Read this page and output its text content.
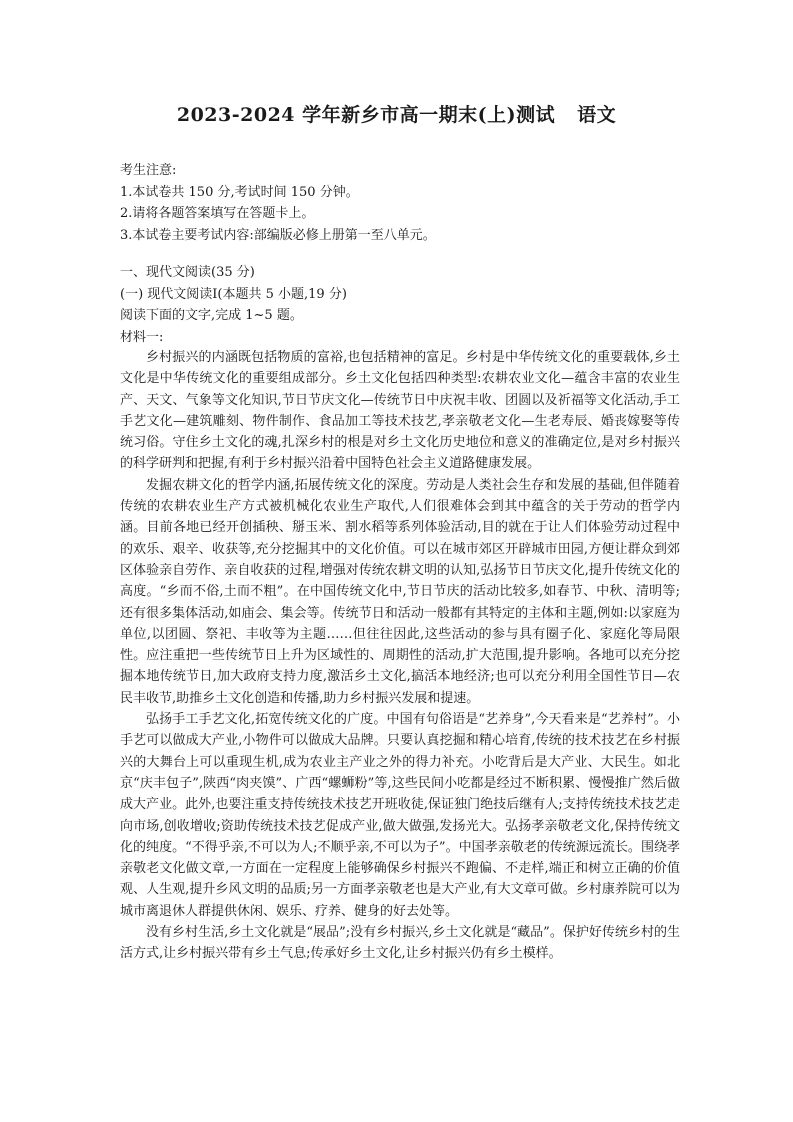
2023-2024 学年新乡市高一期末(上)测试 语文
考生注意:
1.本试卷共 150 分,考试时间 150 分钟。
2.请将各题答案填写在答题卡上。
3.本试卷主要考试内容:部编版必修上册第一至八单元。
一、现代文阅读(35 分)
(一) 现代文阅读Ⅰ(本题共 5 小题,19 分)
阅读下面的文字,完成 1~5 题。
材料一:

乡村振兴的内涵既包括物质的富裕,也包括精神的富足。乡村是中华传统文化的重要载体,乡土文化是中华传统文化的重要组成部分。乡土文化包括四种类型:农耕农业文化—蕴含丰富的农业生产、天文、气象等文化知识,节日节庆文化—传统节日中庆祝丰收、团圆以及祈福等文化活动,手工手艺文化—建筑雕刻、物件制作、食品加工等技术技艺,孝亲敬老文化—生老寿辰、婚丧嫁娶等传统习俗。守住乡土文化的魂,扎深乡村的根是对乡土文化历史地位和意义的准确定位,是对乡村振兴的科学研判和把握,有利于乡村振兴沿着中国特色社会主义道路健康发展。

发掘农耕文化的哲学内涵,拓展传统文化的深度。劳动是人类社会生存和发展的基础,但伴随着传统的农耕农业生产方式被机械化农业生产取代,人们很难体会到其中蕴含的关于劳动的哲学内涵。目前各地已经开创插秧、掰玉米、割水稻等系列体验活动,目的就在于让人们体验劳动过程中的欢乐、艰辛、收获等,充分挖掘其中的文化价值。可以在城市郊区开辟城市田园,方便让群众到郊区体验亲自劳作、亲自收获的过程,增强对传统农耕文明的认知,弘扬节日节庆文化,提升传统文化的高度。“乡而不俗,土而不粗”。在中国传统文化中,节日节庆的活动比较多,如春节、中秋、清明等;还有很多集体活动,如庙会、集会等。传统节日和活动一般都有其特定的主体和主题,例如:以家庭为单位,以团圆、祭祀、丰收等为主题……但往往因此,这些活动的参与具有圈子化、家庭化等局限性。应注重把一些传统节日上升为区域性的、周期性的活动,扩大范围,提升影响。各地可以充分挖掘本地传统节日,加大政府支持力度,激活乡土文化,搞活本地经济;也可以充分利用全国性节日—农民丰收节,助推乡土文化创造和传播,助力乡村振兴发展和提速。

弘扬手工手艺文化,拓宽传统文化的广度。中国有句俗语是“艺养身”,今天看来是“艺养村”。小手艺可以做成大产业,小物件可以做成大品牌。只要认真挖掘和精心培育,传统的技术技艺在乡村振兴的大舞台上可以重现生机,成为农业主产业之外的得力补充。小吃背后是大产业、大民生。如北京“庆丰包子”,陕西“肉夹馍”、广西“螺蛳粉”等,这些民间小吃都是经过不断积累、慢慢推广然后做成大产业。此外,也要注重支持传统技术技艺开班收徒,保证独门绝技后继有人;支持传统技术技艺走向市场,创收增收;资助传统技术技艺促成产业,做大做强,发扬光大。弘扬孝亲敬老文化,保持传统文化的纯度。“不得乎亲,不可以为人;不顺乎亲,不可以为子”。中国孝亲敬老的传统源远流长。围绕孝亲敬老文化做文章,一方面在一定程度上能够确保乡村振兴不跑偏、不走样,端正和树立正确的价值观、人生观,提升乡风文明的品质;另一方面孝亲敬老也是大产业,有大文章可做。乡村康养院可以为城市离退休人群提供休闲、娱乐、疗养、健身的好去处等。

没有乡村生活,乡土文化就是“展品”;没有乡村振兴,乡土文化就是“藏品”。保护好传统乡村的生活方式,让乡村振兴带有乡土气息;传承好乡土文化,让乡村振兴仍有乡土模样。
